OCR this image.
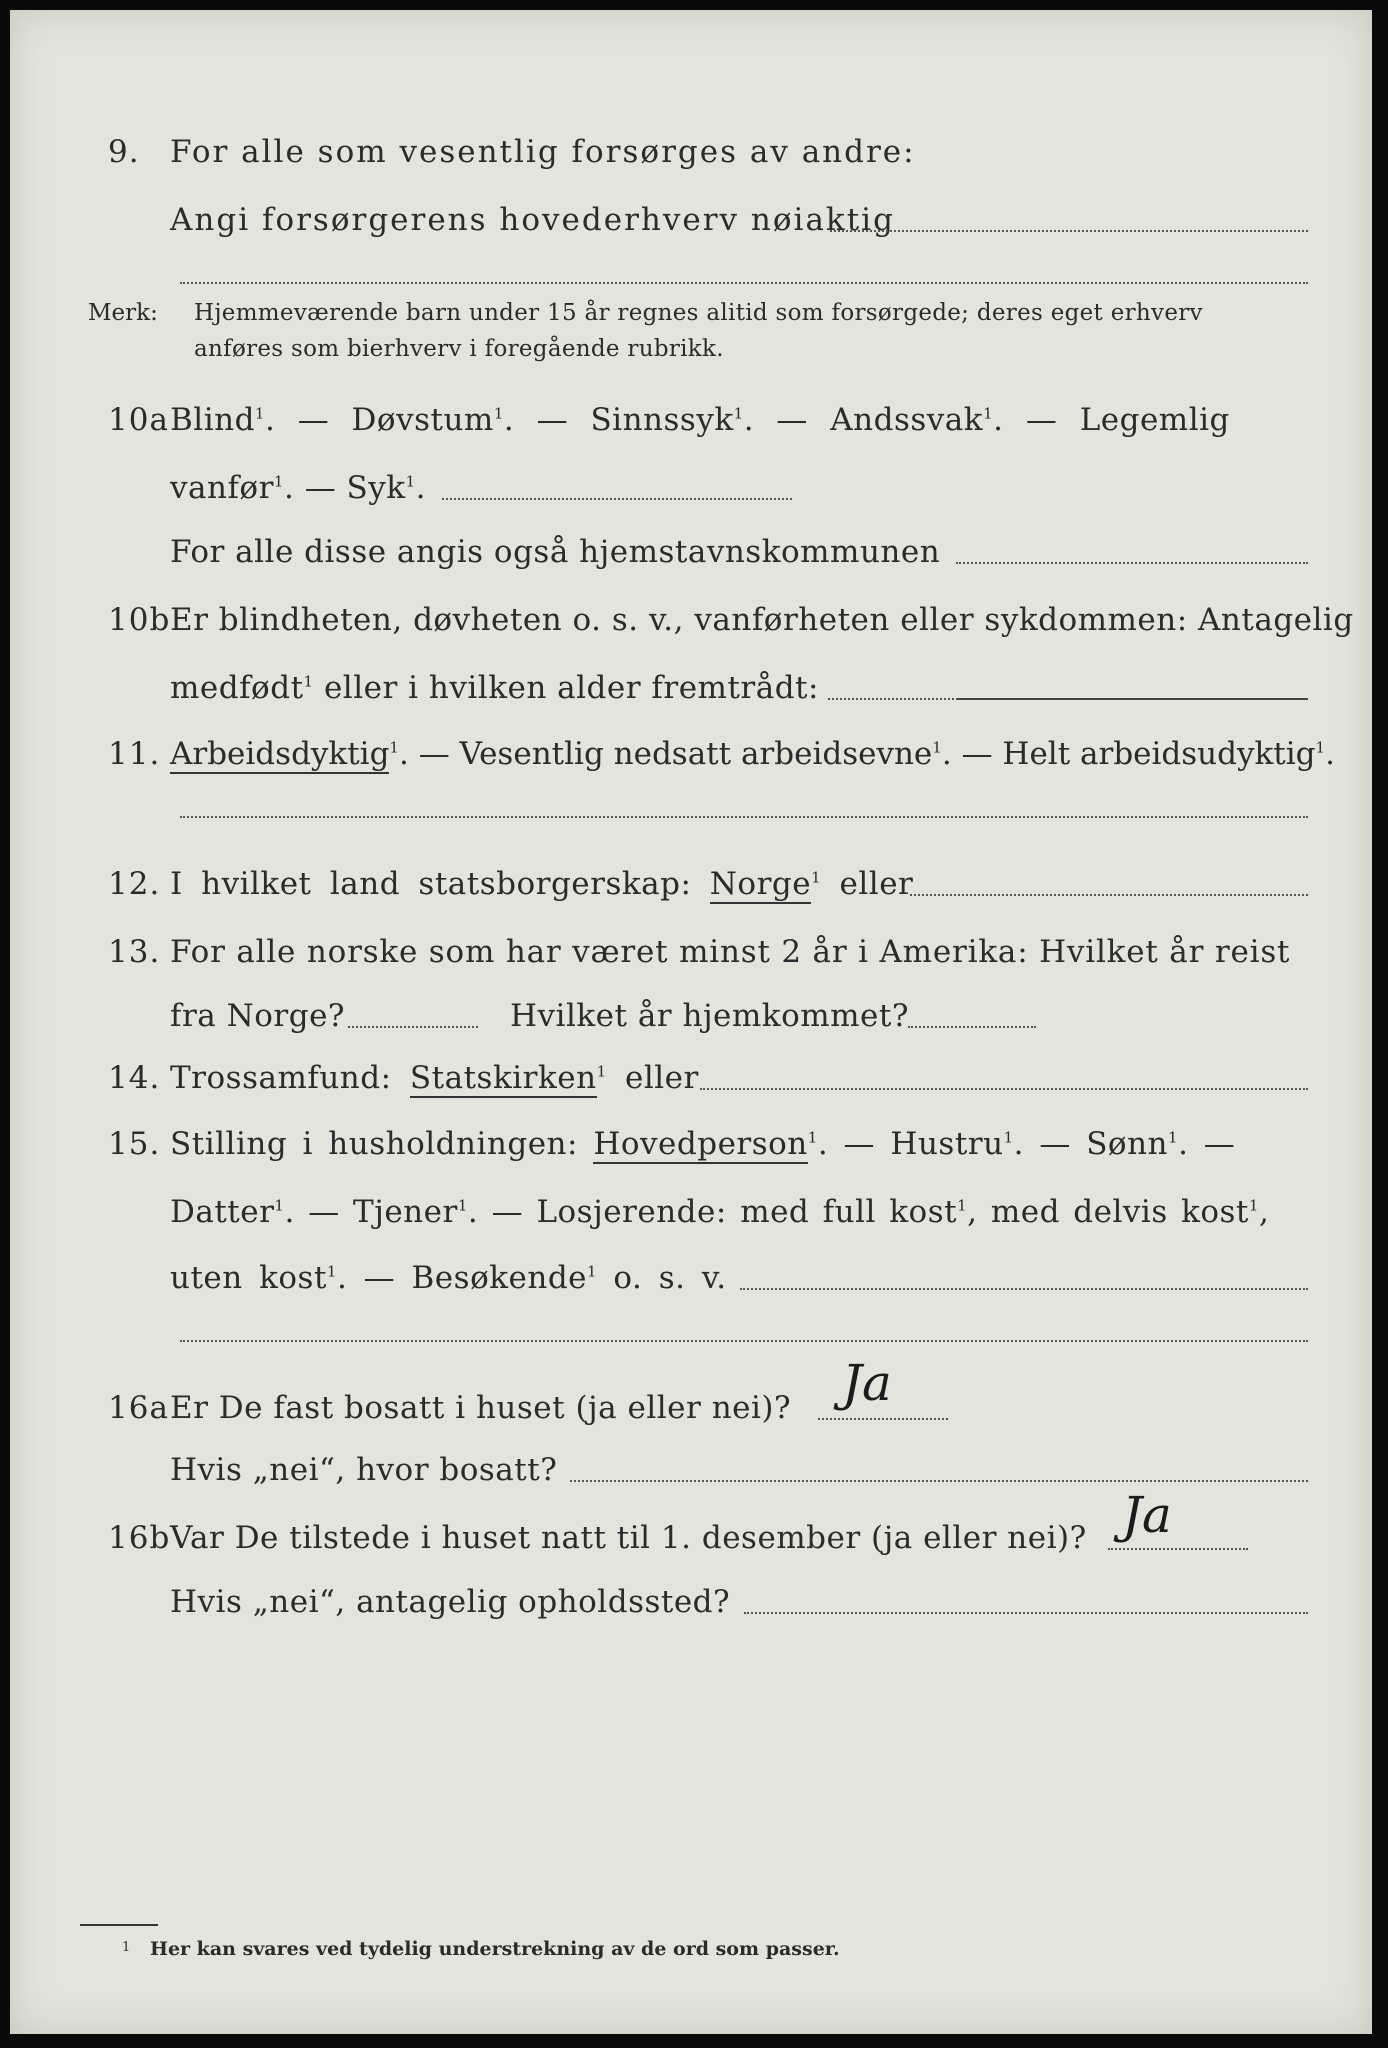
9. For alle som vesentlig forsørges av andre:
Angi forsørgerens hovederhverv nøiaktig
Merk: Hjemmeværende barn under 15 år regnes alitid som forsørgede; deres eget erhverv
anføres som bierhverv i foregående rubrikk.
10a Blind$^1$. — Døvstum$^1$. — Sinnssyk$^1$. — Andssvak$^1$. — Legemlig
vanfør$^1$. — Syk$^1$.
For alle disse angis også hjemstavnskommunen
10b Er blindheten, døvheten o. s. v., vanførheten eller sykdommen: Antagelig
medfødt$^1$ eller i hvilken alder fremtrådt:
11. Arbeidsdyktig$^1$. — Vesentlig nedsatt arbeidsevne$^1$. — Helt arbeidsudyktig$^1$.
12. I hvilket land statsborgerskap: Norge$^1$ eller
13. For alle norske som har været minst 2 år i Amerika: Hvilket år reist
fra Norge?	Hvilket år hjemkommet?
14. Trossamfund: Statskirken$^1$ eller
15. Stilling i husholdningen: Hovedperson$^1$. — Hustru$^1$. — Sønn$^1$. —
Datter$^1$. — Tjener$^1$. — Losjerende: med full kost$^1$, med delvis kost$^1$,
uten kost$^1$. — Besøkende$^1$ o. s. v.
16a Er De fast bosatt i huset (ja eller nei)? Ja
Hvis „nei“, hvor bosatt?
16b Var De tilstede i huset natt til 1. desember (ja eller nei)? Ja
Hvis „nei“, antagelig opholdssted?
1 Her kan svares ved tydelig understrekning av de ord som passer.
